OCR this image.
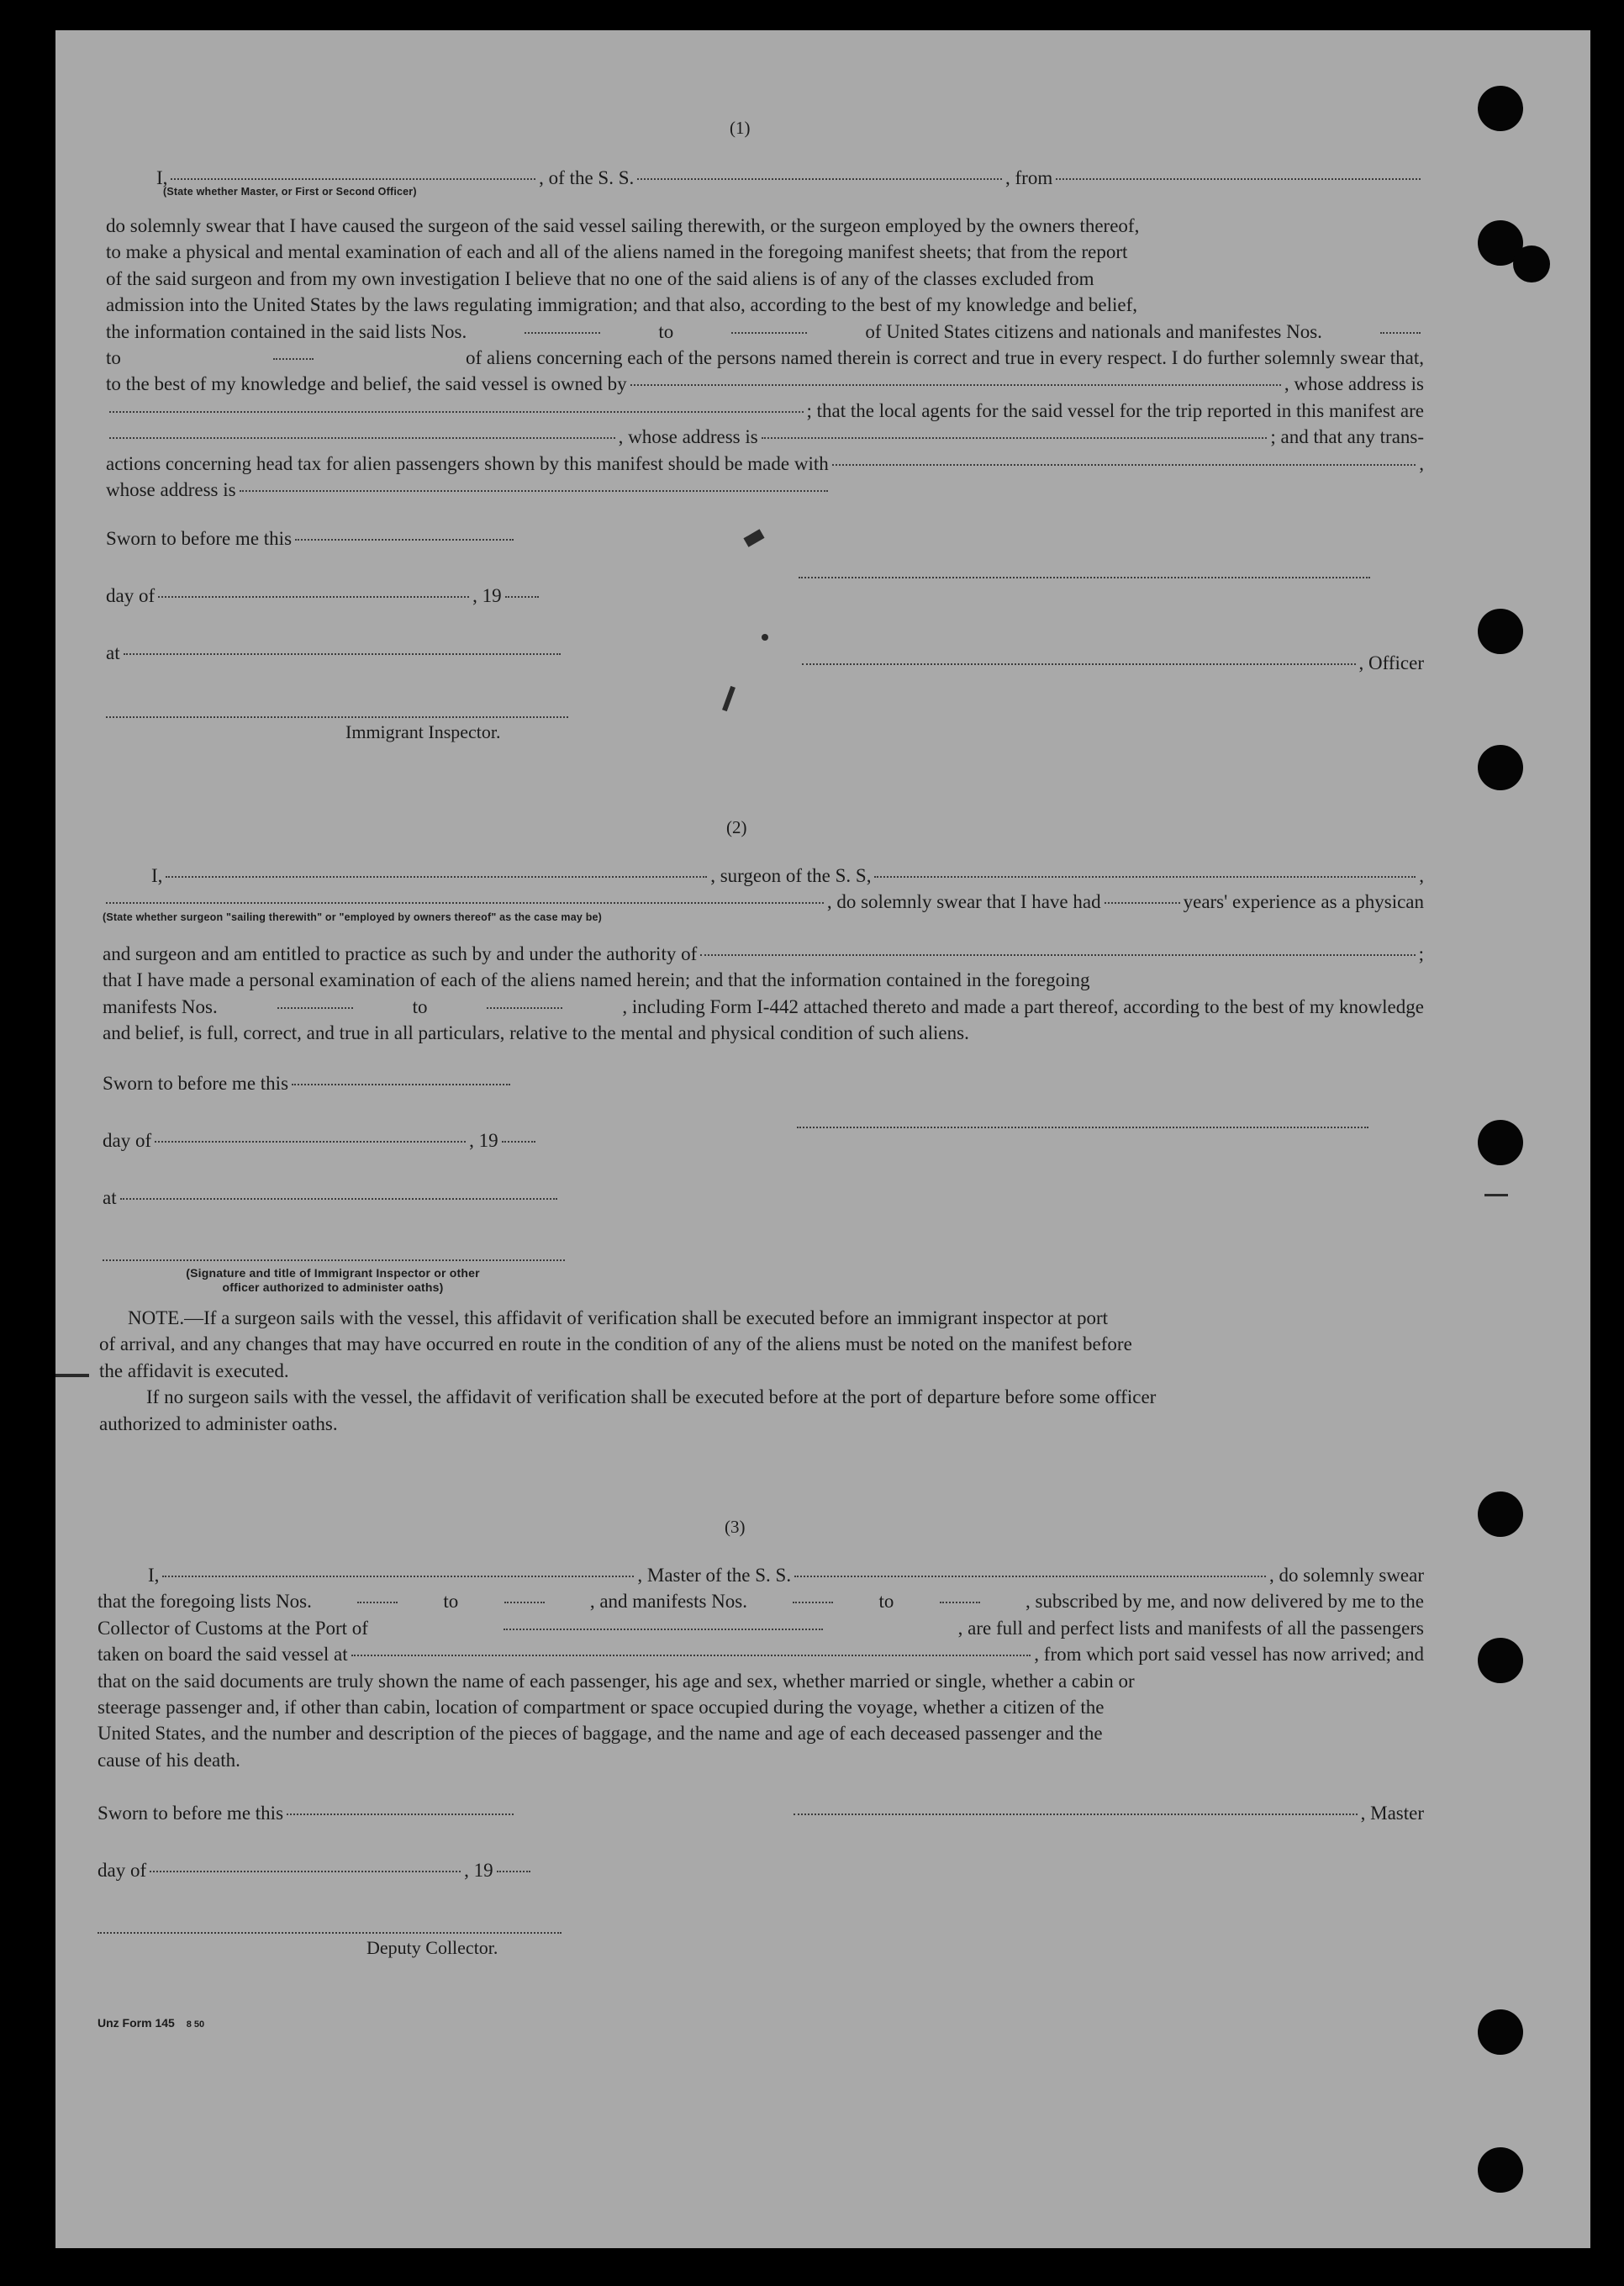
(1)
I,	, of the S. S.	, from
(State whether Master, or First or Second Officer)
do solemnly swear that I have caused the surgeon of the said vessel sailing therewith, or the surgeon employed by the owners thereof,
to make a physical and mental examination of each and all of the aliens named in the foregoing manifest sheets; that from the report
of the said surgeon and from my own investigation I believe that no one of the said aliens is of any of the classes excluded from
admission into the United States by the laws regulating immigration; and that also, according to the best of my knowledge and belief,
the information contained in the said lists Nos.	to	of United States citizens and nationals and manifestes Nos.
to	of aliens concerning each of the persons named therein is correct and true in every respect. I do further solemnly swear that,
to the best of my knowledge and belief, the said vessel is owned by	, whose address is
; that the local agents for the said vessel for the trip reported in this manifest are
, whose address is	; and that any trans-
actions concerning head tax for alien passengers shown by this manifest should be made with	,
whose address is
Sworn to before me this
day of	, 19
at
Immigrant Inspector.
, Officer
(2)
I,	, surgeon of the S. S,	,
, do solemnly swear that I have had	years' experience as a physican
(State whether surgeon "sailing therewith" or "employed by owners thereof" as the case may be)
and surgeon and am entitled to practice as such by and under the authority of	;
that I have made a personal examination of each of the aliens named herein; and that the information contained in the foregoing
manifests Nos.	to	, including Form I-442 attached thereto and made a part thereof, according to the best of my knowledge
and belief, is full, correct, and true in all particulars, relative to the mental and physical condition of such aliens.
Sworn to before me this
day of	, 19
at
(Signature and title of Immigrant Inspector or other
officer authorized to administer oaths)
NOTE.—If a surgeon sails with the vessel, this affidavit of verification shall be executed before an immigrant inspector at port
of arrival, and any changes that may have occurred en route in the condition of any of the aliens must be noted on the manifest before
the affidavit is executed.
If no surgeon sails with the vessel, the affidavit of verification shall be executed before at the port of departure before some officer
authorized to administer oaths.
(3)
I,	, Master of the S. S.	, do solemnly swear
that the foregoing lists Nos.	to	, and manifests Nos.	to	, subscribed by me, and now delivered by me to the
Collector of Customs at the Port of	, are full and perfect lists and manifests of all the passengers
taken on board the said vessel at	, from which port said vessel has now arrived; and
that on the said documents are truly shown the name of each passenger, his age and sex, whether married or single, whether a cabin or
steerage passenger and, if other than cabin, location of compartment or space occupied during the voyage, whether a citizen of the
United States, and the number and description of the pieces of baggage, and the name and age of each deceased passenger and the
cause of his death.
Sworn to before me this	, Master
day of	, 19
Deputy Collector.
Unz Form 145 8 50
